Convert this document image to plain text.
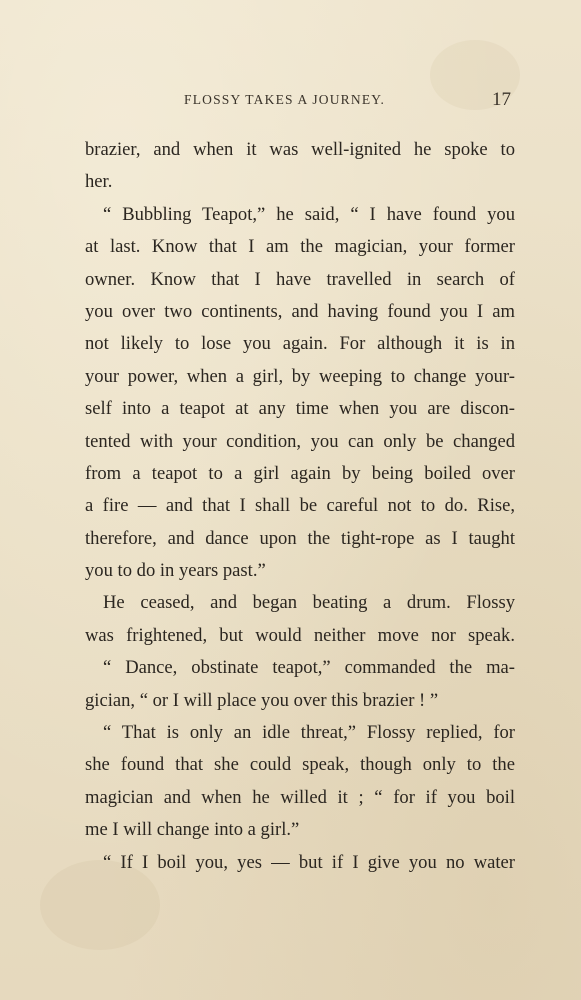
FLOSSY TAKES A JOURNEY.	17
brazier, and when it was well-ignited he spoke to
her.
“ Bubbling Teapot,” he said, “ I have found you
at last. Know that I am the magician, your former
owner. Know that I have travelled in search of
you over two continents, and having found you I am
not likely to lose you again. For although it is in
your power, when a girl, by weeping to change your-
self into a teapot at any time when you are discon-
tented with your condition, you can only be changed
from a teapot to a girl again by being boiled over
a fire — and that I shall be careful not to do. Rise,
therefore, and dance upon the tight-rope as I taught
you to do in years past.”
He ceased, and began beating a drum. Flossy
was frightened, but would neither move nor speak.
“ Dance, obstinate teapot,” commanded the ma-
gician, “ or I will place you over this brazier ! ”
“ That is only an idle threat,” Flossy replied, for
she found that she could speak, though only to the
magician and when he willed it ; “ for if you boil
me I will change into a girl.”
“ If I boil you, yes — but if I give you no water
